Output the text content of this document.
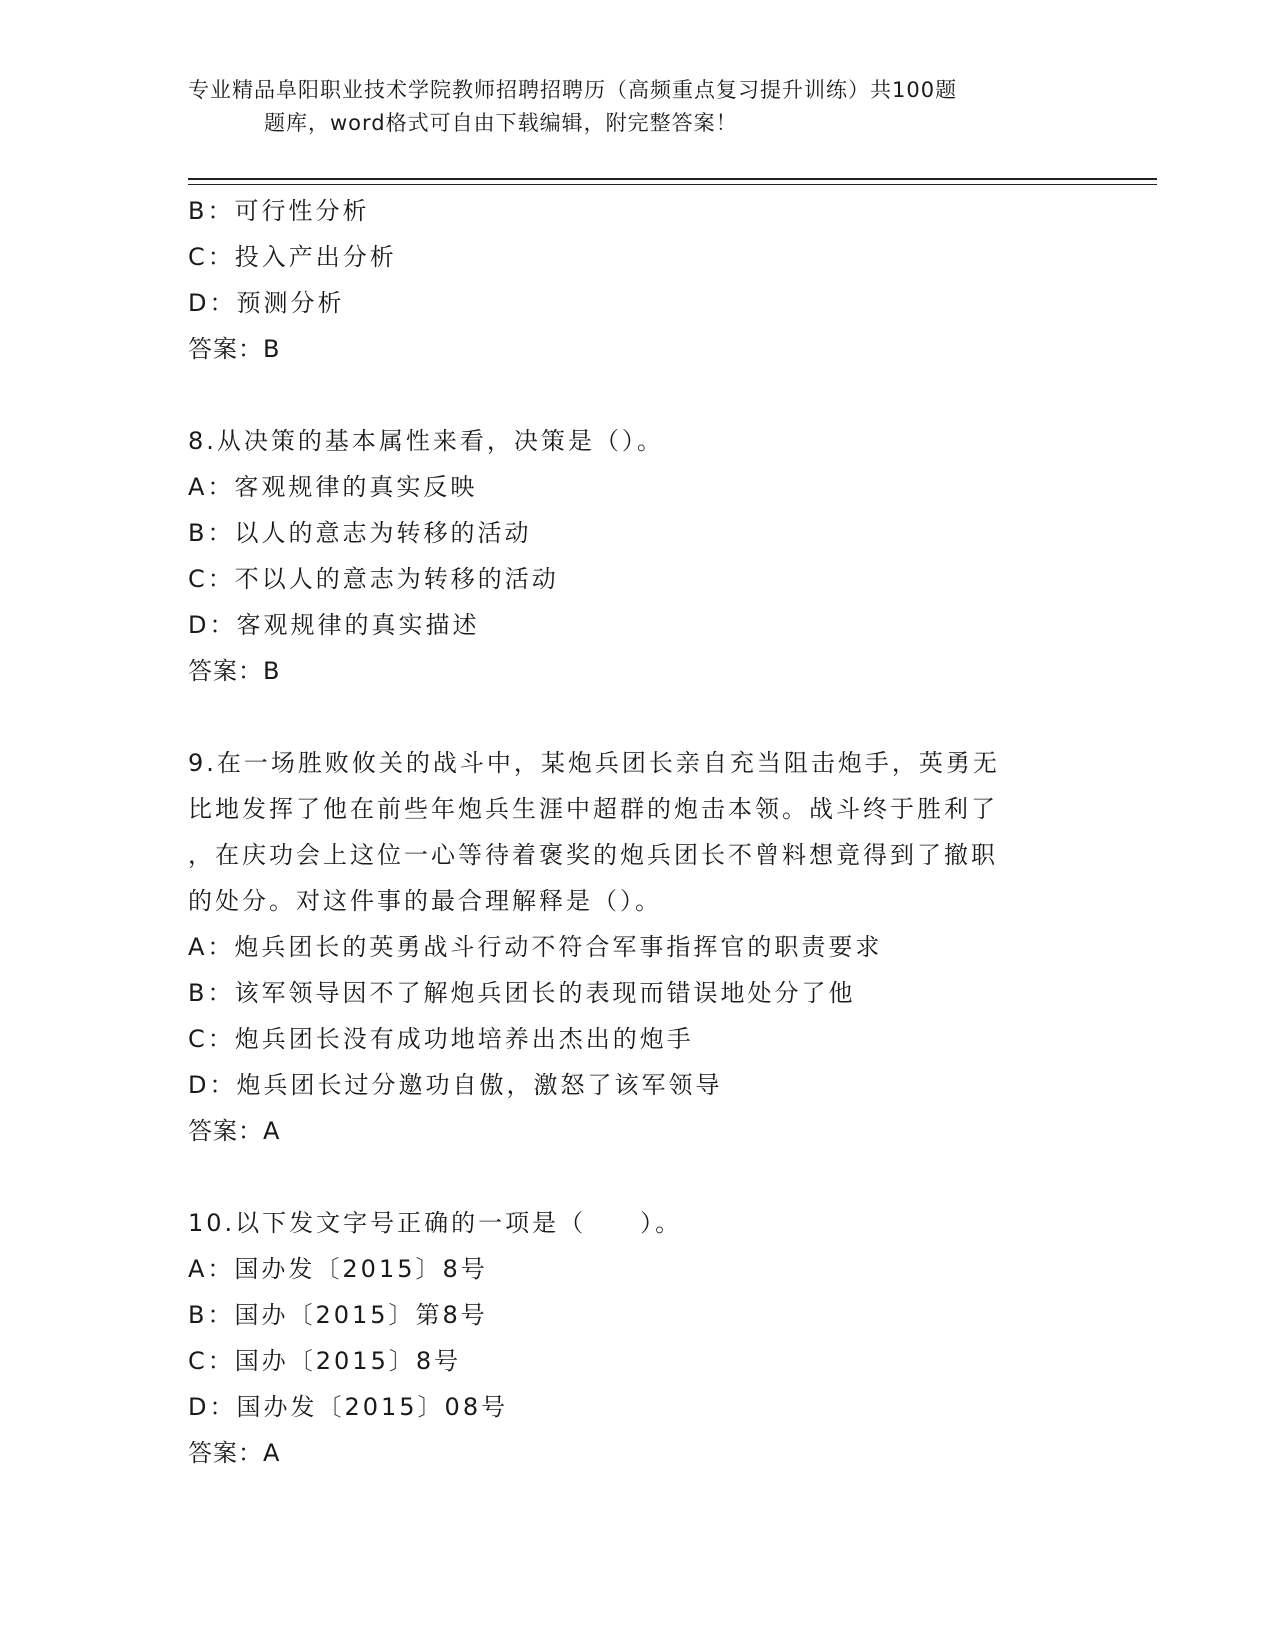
专业精品阜阳职业技术学院教师招聘招聘历（高频重点复习提升训练）共100题
题库，word格式可自由下载编辑，附完整答案！
B：可行性分析
C：投入产出分析
D：预测分析
答案：B
8.从决策的基本属性来看，决策是（）。
A：客观规律的真实反映
B：以人的意志为转移的活动
C：不以人的意志为转移的活动
D：客观规律的真实描述
答案：B
9.在一场胜败攸关的战斗中，某炮兵团长亲自充当阻击炮手，英勇无
比地发挥了他在前些年炮兵生涯中超群的炮击本领。战斗终于胜利了
，在庆功会上这位一心等待着褒奖的炮兵团长不曾料想竟得到了撤职
的处分。对这件事的最合理解释是（）。
A：炮兵团长的英勇战斗行动不符合军事指挥官的职责要求
B：该军领导因不了解炮兵团长的表现而错误地处分了他
C：炮兵团长没有成功地培养出杰出的炮手
D：炮兵团长过分邀功自傲，激怒了该军领导
答案：A
10.以下发文字号正确的一项是（　　）。
A：国办发〔2015〕8号
B：国办〔2015〕第8号
C：国办〔2015〕8号
D：国办发〔2015〕08号
答案：A
